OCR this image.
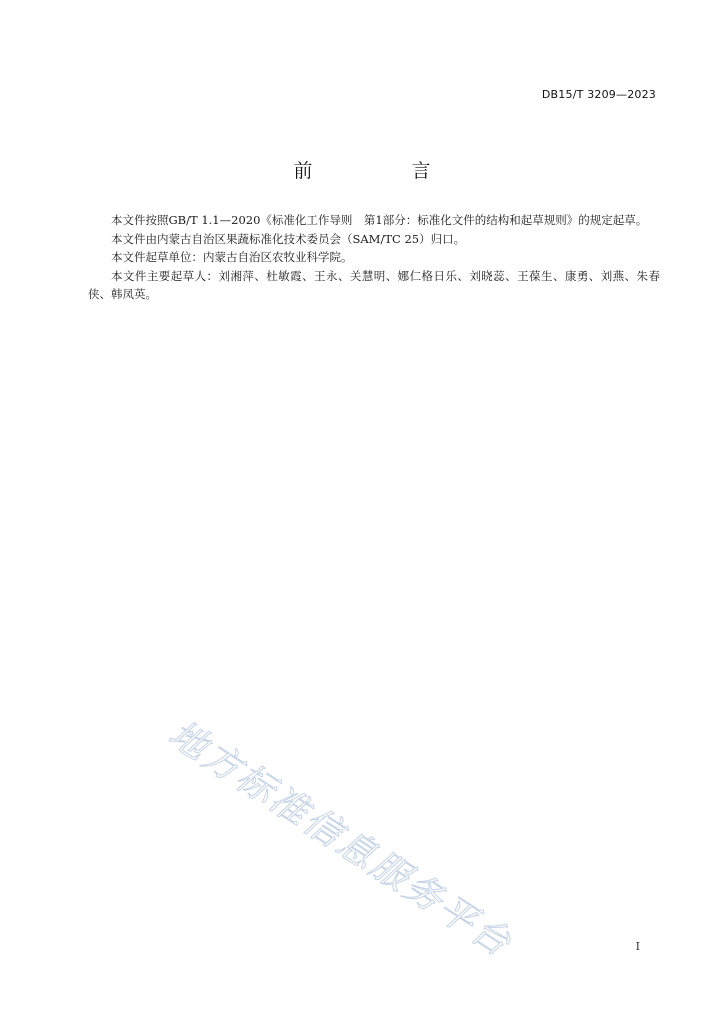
DB15/T 3209—2023
前　言

本文件按照GB/T 1.1—2020《标准化工作导则　第1部分：标准化文件的结构和起草规则》的规定起草。

本文件由内蒙古自治区果蔬标准化技术委员会（SAM/TC 25）归口。

本文件起草单位：内蒙古自治区农牧业科学院。

本文件主要起草人：刘湘萍、杜敏霞、王永、关慧明、娜仁格日乐、刘晓蕊、王葆生、康勇、刘燕、朱春侠、韩凤英。

地方标准信息服务平台	I
